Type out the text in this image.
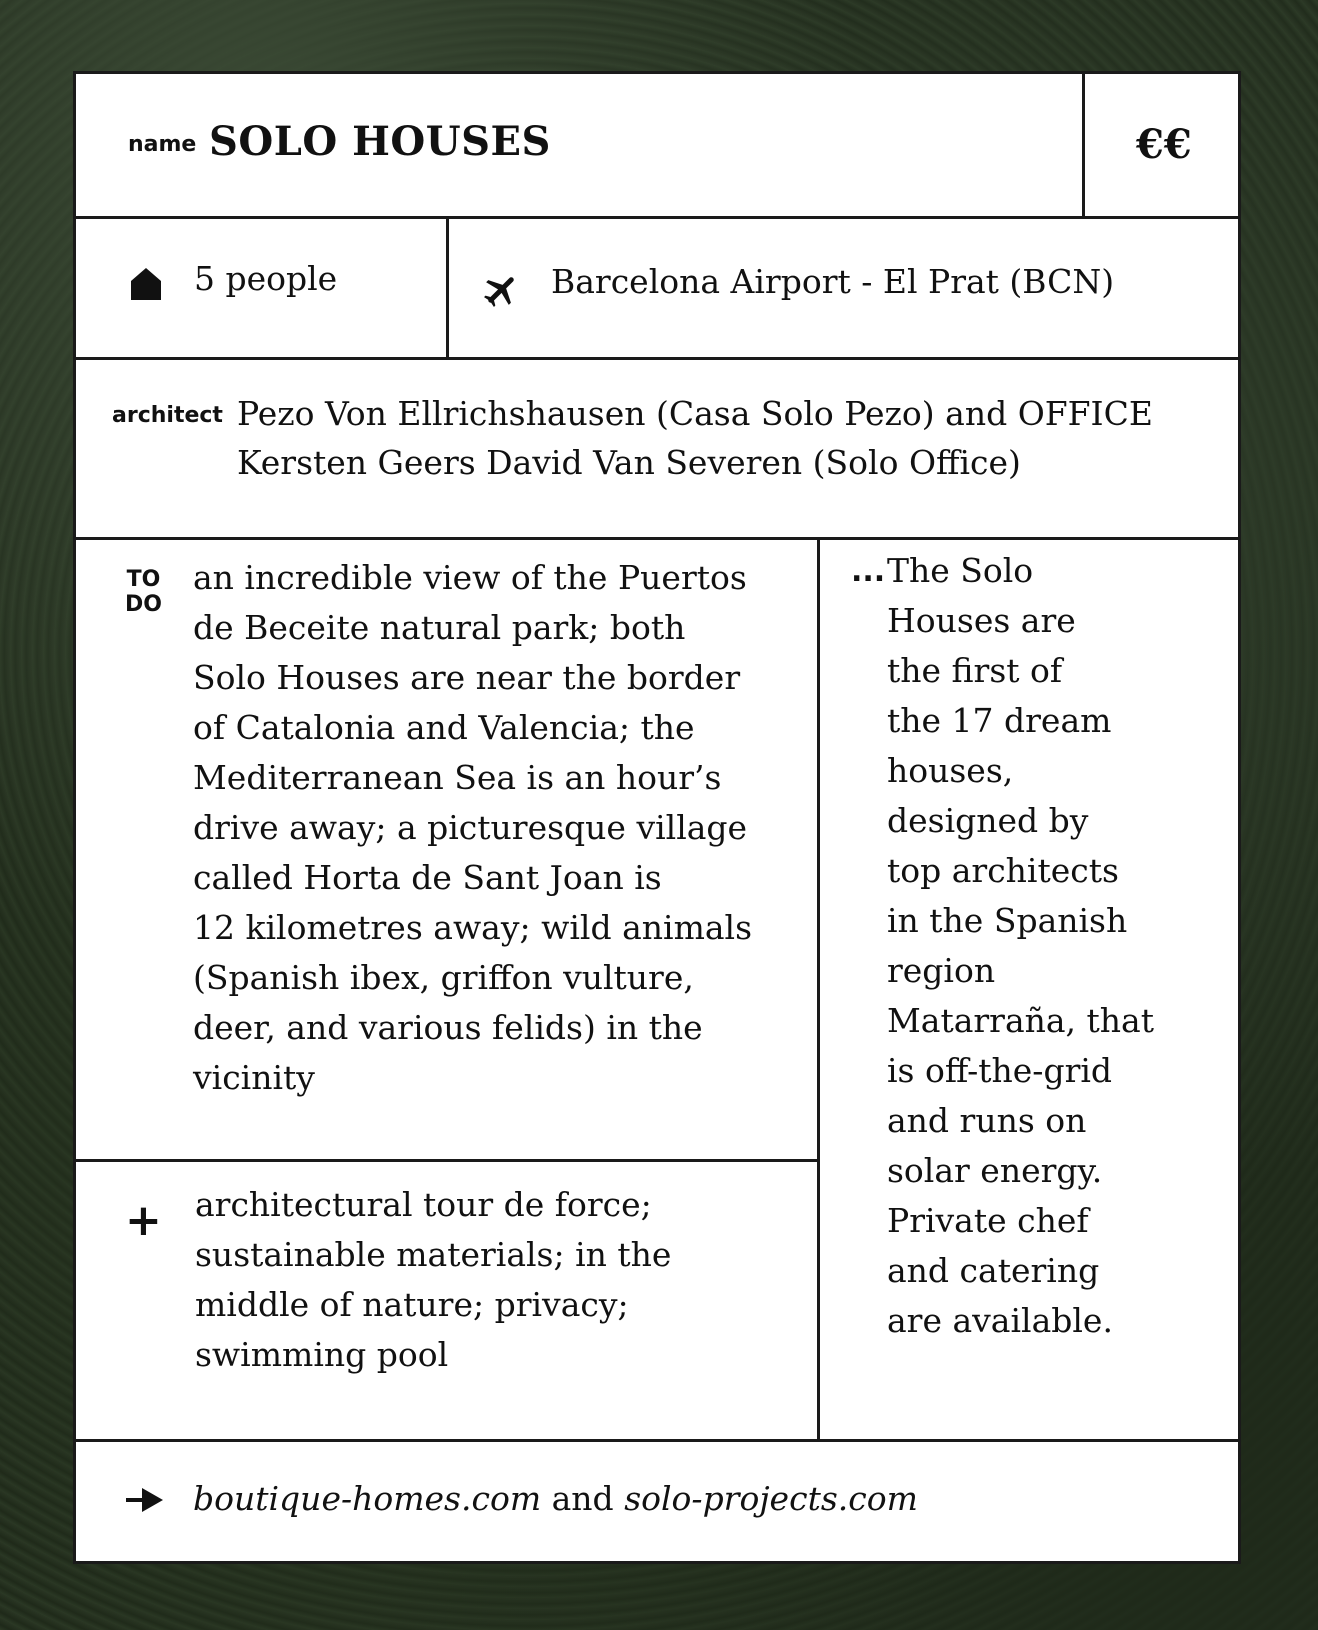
name SOLO HOUSES	€€
5 people	Barcelona Airport - El Prat (BCN)
architect Pezo Von Ellrichshausen (Casa Solo Pezo) and OFFICE
Kersten Geers David Van Severen (Solo Office)
TO
DO
an incredible view of the Puertos
de Beceite natural park; both
Solo Houses are near the border
of Catalonia and Valencia; the
Mediterranean Sea is an hour’s
drive away; a picturesque village
called Horta de Sant Joan is
12 kilometres away; wild animals
(Spanish ibex, griffon vulture,
deer, and various felids) in the
vicinity
+ architectural tour de force;
sustainable materials; in the
middle of nature; privacy;
swimming pool
... The Solo
Houses are
the first of
the 17 dream
houses,
designed by
top architects
in the Spanish
region
Matarraña, that
is off-the-grid
and runs on
solar energy.
Private chef
and catering
are available.
boutique-homes.com and solo-projects.com
